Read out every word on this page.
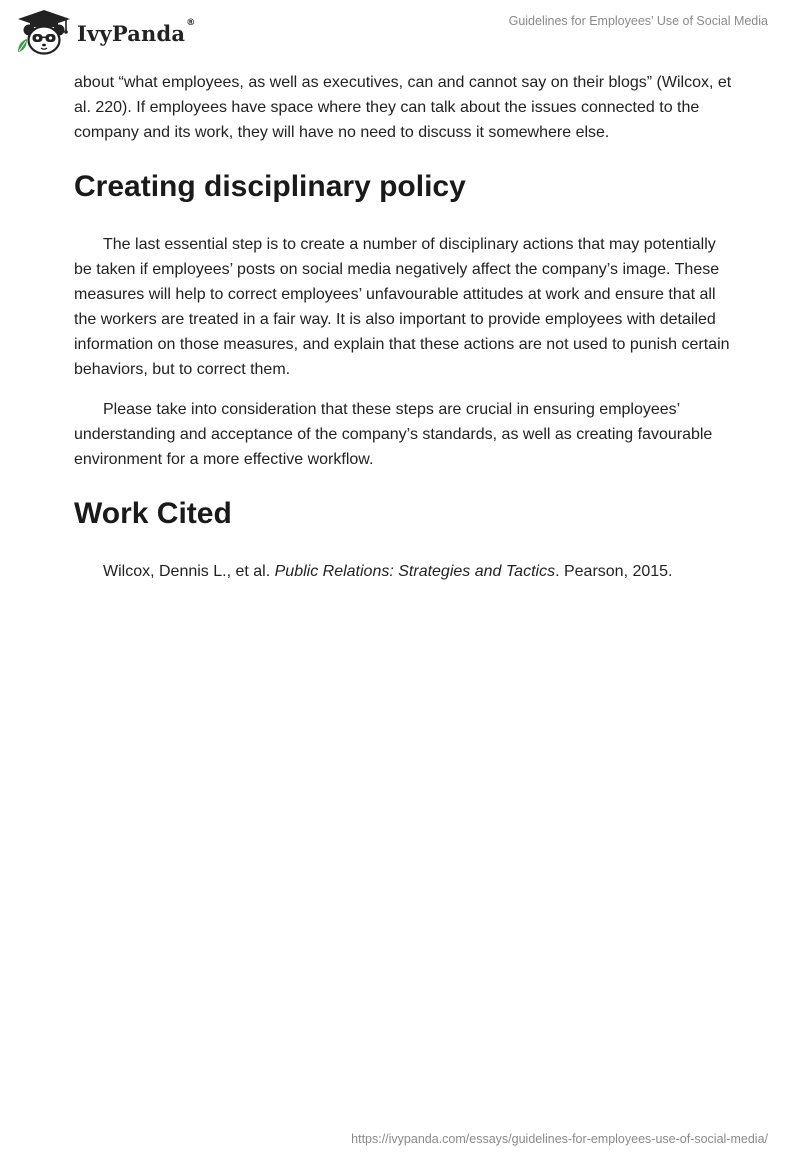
IvyPanda®	Guidelines for Employees’ Use of Social Media

about “what employees, as well as executives, can and cannot say on their blogs” (Wilcox, et al. 220). If employees have space where they can talk about the issues connected to the company and its work, they will have no need to discuss it somewhere else.

Creating disciplinary policy

The last essential step is to create a number of disciplinary actions that may potentially be taken if employees’ posts on social media negatively affect the company’s image. These measures will help to correct employees’ unfavourable attitudes at work and ensure that all the workers are treated in a fair way. It is also important to provide employees with detailed information on those measures, and explain that these actions are not used to punish certain behaviors, but to correct them.

Please take into consideration that these steps are crucial in ensuring employees’ understanding and acceptance of the company’s standards, as well as creating favourable environment for a more effective workflow.

Work Cited

Wilcox, Dennis L., et al. Public Relations: Strategies and Tactics. Pearson, 2015.

https://ivypanda.com/essays/guidelines-for-employees-use-of-social-media/
